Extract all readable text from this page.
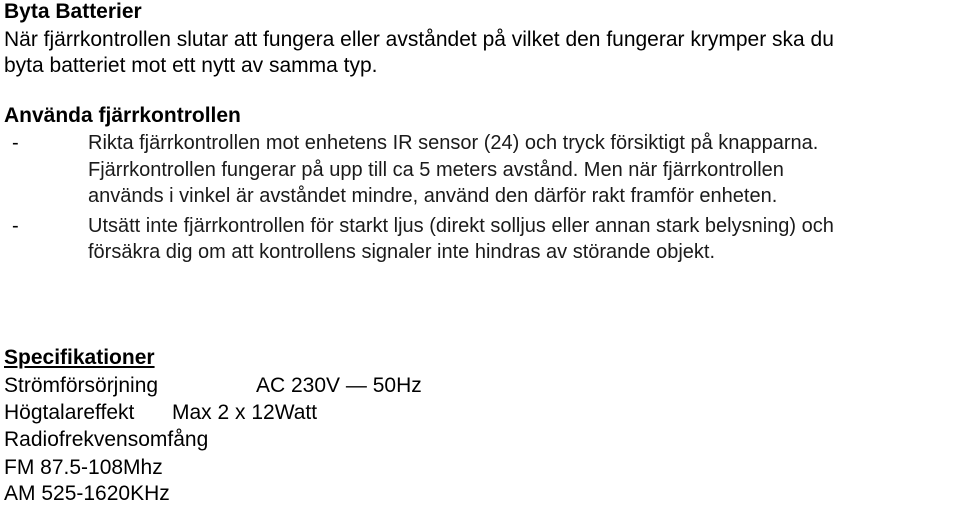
Byta Batterier
När fjärrkontrollen slutar att fungera eller avståndet på vilket den fungerar krymper ska du
byta batteriet mot ett nytt av samma typ.
Använda fjärrkontrollen
-	Rikta fjärrkontrollen mot enhetens IR sensor (24) och tryck försiktigt på knapparna.
Fjärrkontrollen fungerar på upp till ca 5 meters avstånd. Men när fjärrkontrollen
används i vinkel är avståndet mindre, använd den därför rakt framför enheten.
-	Utsätt inte fjärrkontrollen för starkt ljus (direkt solljus eller annan stark belysning) och
försäkra dig om att kontrollens signaler inte hindras av störande objekt.
Specifikationer
Strömförsörjning	AC 230V — 50Hz
Högtalareffekt Max 2 x 12Watt
Radiofrekvensomfång
FM 87.5-108Mhz
AM 525-1620KHz
